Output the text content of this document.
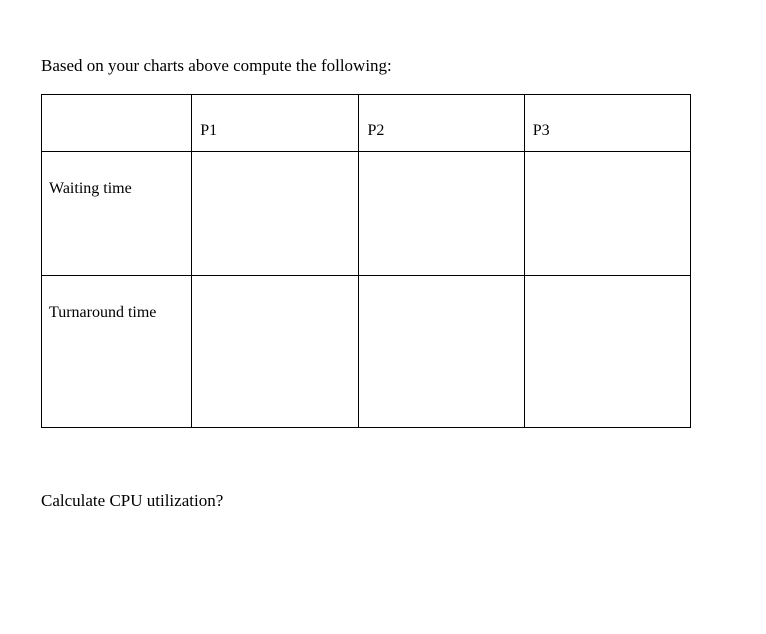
Based on your charts above compute the following:

	P1	P2	P3

Waiting time			

Turnaround time			

Calculate CPU utilization?
